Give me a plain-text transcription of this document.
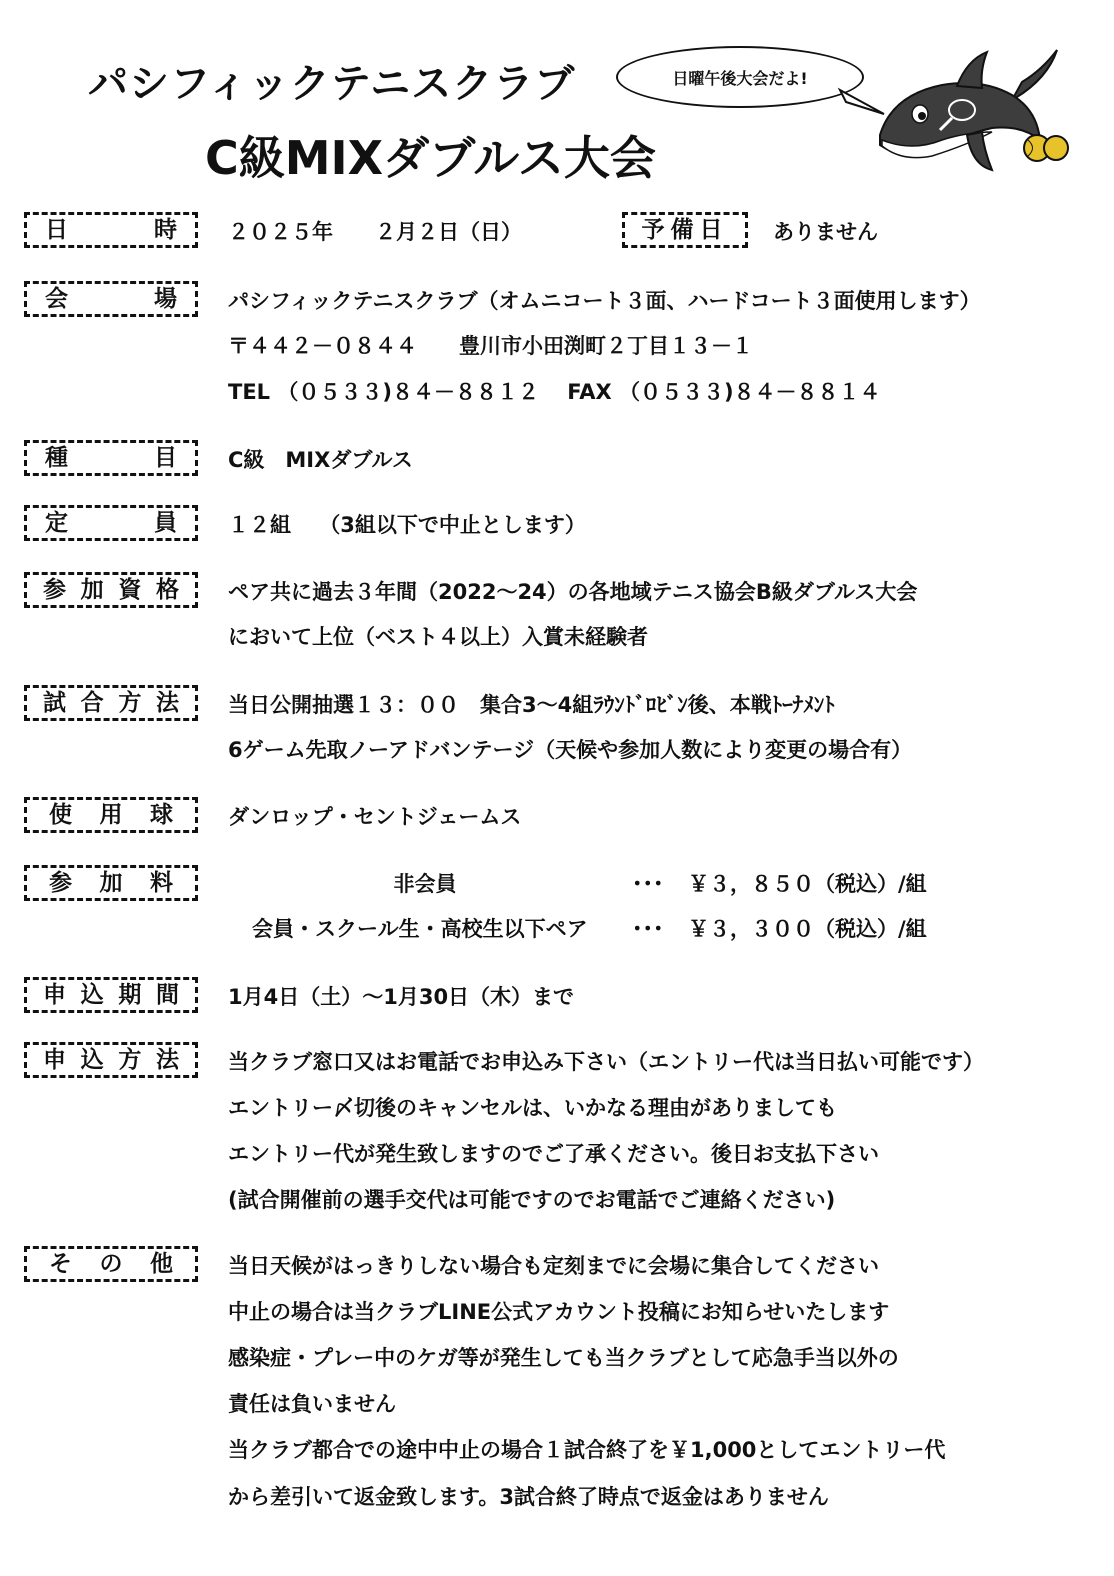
パシフィックテニスクラブ
C級MIXダブルス大会
日曜午後大会だよ!
日	時 ２０２５年　　２月２日（日）	予備日	ありません
会	場 パシフィックテニスクラブ（オムニコート３面、ハードコート３面使用します）
〒４４２－０８４４　　豊川市小田渕町２丁目１３－１
TEL （０５３３)８４－８８１２　 FAX （０５３３)８４－８８１４
種	目 C級　MIXダブルス
定	員 １２組　 （3組以下で中止とします）
参 加 資 格 ペア共に過去３年間（2022～24）の各地域テニス協会B級ダブルス大会
において上位（ベスト４以上）入賞未経験者
試 合 方 法 当日公開抽選１３：００　集合3～4組ﾗｳﾝﾄﾞﾛﾋﾞﾝ後、本戦ﾄｰﾅﾒﾝﾄ
6ゲーム先取ノーアドバンテージ（天候や参加人数により変更の場合有）
使 用 球	ダンロップ・セントジェームス
参 加 料	非会員	･･･ ￥３，８５０（税込）/組
会員・スクール生・高校生以下ペア ･･･ ￥３，３００（税込）/組
申 込 期 間 1月4日（土）～1月30日（木）まで
申 込 方 法 当クラブ窓口又はお電話でお申込み下さい（エントリー代は当日払い可能です）
エントリー〆切後のキャンセルは、いかなる理由がありましても
エントリー代が発生致しますのでご了承ください。後日お支払下さい
(試合開催前の選手交代は可能ですのでお電話でご連絡ください)
そ の 他	当日天候がはっきりしない場合も定刻までに会場に集合してください
中止の場合は当クラブLINE公式アカウント投稿にお知らせいたします
感染症・プレー中のケガ等が発生しても当クラブとして応急手当以外の
責任は負いません
当クラブ都合での途中中止の場合１試合終了を￥1,000としてエントリー代
から差引いて返金致します。3試合終了時点で返金はありません
